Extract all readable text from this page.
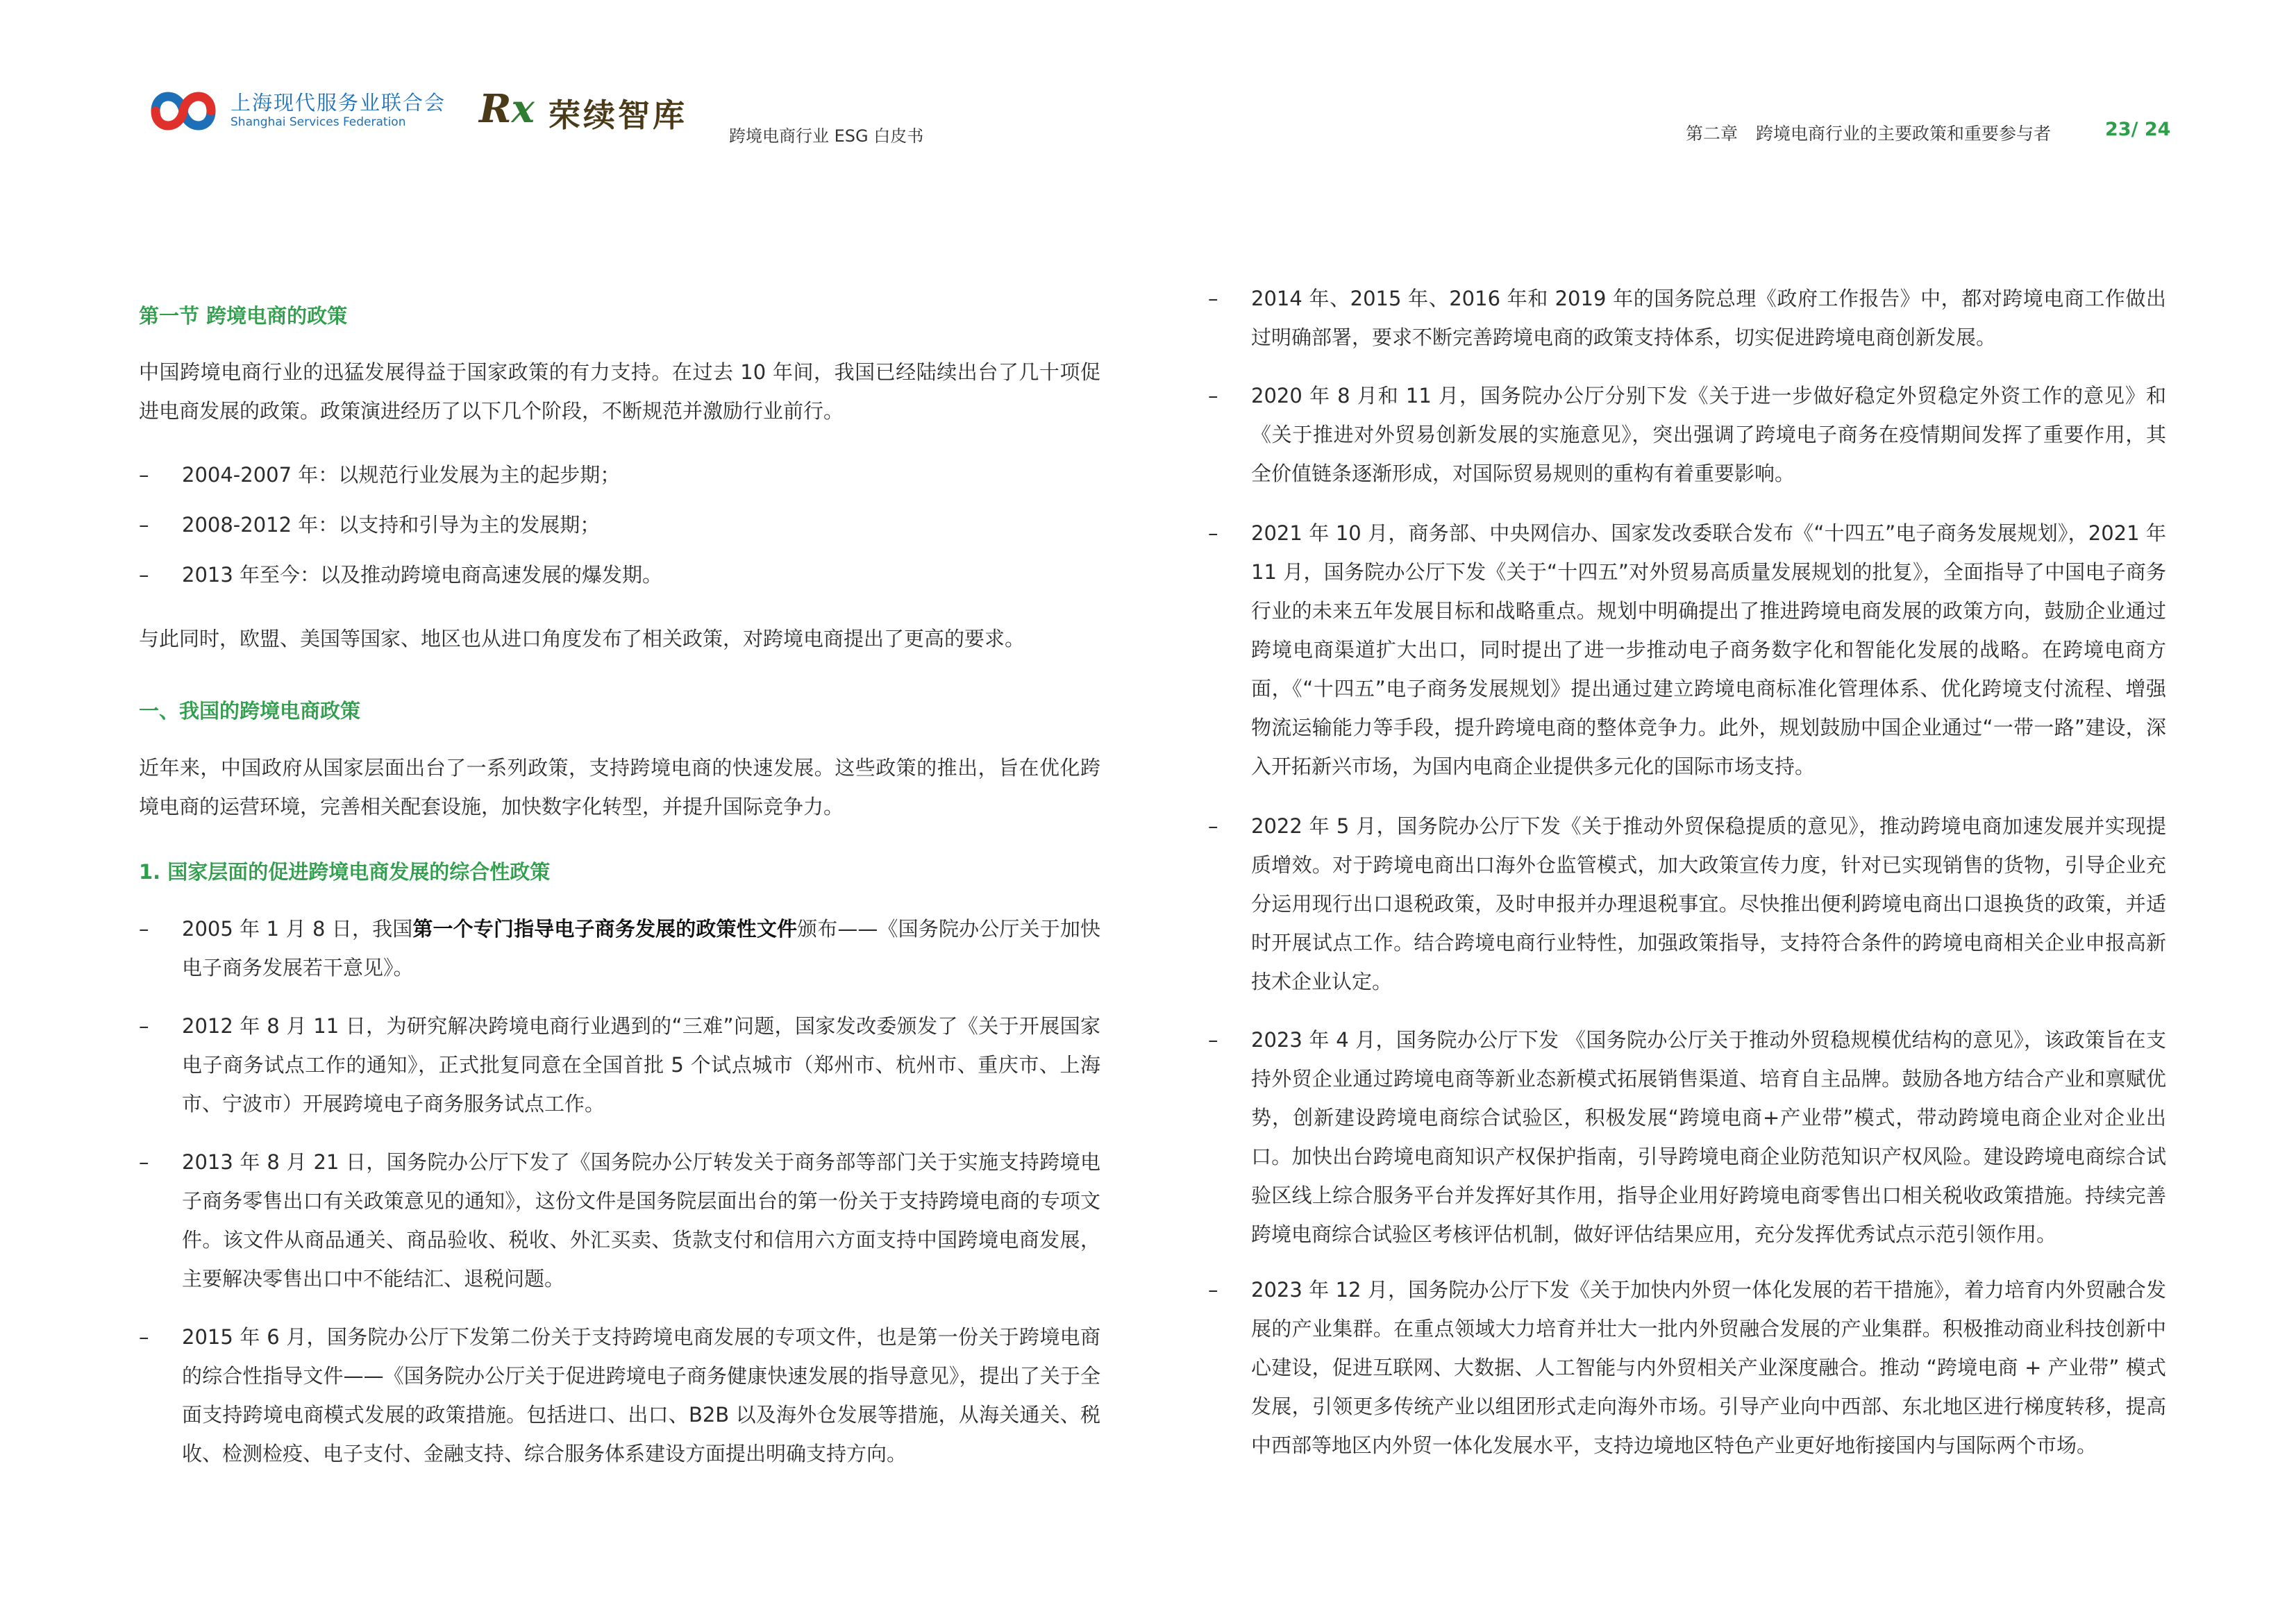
上海现代服务业联合会
Shanghai Services Federation Rx 荣续智库
跨境电商行业 ESG 白皮书	第二章 跨境电商行业的主要政策和重要参与者	23/ 24
第一节 跨境电商的政策
中国跨境电商行业的迅猛发展得益于国家政策的有力支持。在过去 10 年间，我国已经陆续出台了几十项促进电商发展的政策。政策演进经历了以下几个阶段，不断规范并激励行业前行。
– 2004-2007 年：以规范行业发展为主的起步期；
– 2008-2012 年：以支持和引导为主的发展期；
– 2013 年至今：以及推动跨境电商高速发展的爆发期。
与此同时，欧盟、美国等国家、地区也从进口角度发布了相关政策，对跨境电商提出了更高的要求。
一、我国的跨境电商政策
近年来，中国政府从国家层面出台了一系列政策，支持跨境电商的快速发展。这些政策的推出，旨在优化跨境电商的运营环境，完善相关配套设施，加快数字化转型，并提升国际竞争力。
1. 国家层面的促进跨境电商发展的综合性政策
– 2005 年 1 月 8 日，我国第一个专门指导电子商务发展的政策性文件颁布——《国务院办公厅关于加快电子商务发展若干意见》。
– 2012 年 8 月 11 日，为研究解决跨境电商行业遇到的“三难”问题，国家发改委颁发了《关于开展国家电子商务试点工作的通知》，正式批复同意在全国首批 5 个试点城市（郑州市、杭州市、重庆市、上海市、宁波市）开展跨境电子商务服务试点工作。
– 2013 年 8 月 21 日，国务院办公厅下发了《国务院办公厅转发关于商务部等部门关于实施支持跨境电子商务零售出口有关政策意见的通知》，这份文件是国务院层面出台的第一份关于支持跨境电商的专项文件。该文件从商品通关、商品验收、税收、外汇买卖、货款支付和信用六方面支持中国跨境电商发展，主要解决零售出口中不能结汇、退税问题。
– 2015 年 6 月，国务院办公厅下发第二份关于支持跨境电商发展的专项文件，也是第一份关于跨境电商的综合性指导文件——《国务院办公厅关于促进跨境电子商务健康快速发展的指导意见》，提出了关于全面支持跨境电商模式发展的政策措施。包括进口、出口、B2B 以及海外仓发展等措施，从海关通关、税收、检测检疫、电子支付、金融支持、综合服务体系建设方面提出明确支持方向。
– 2014 年、2015 年、2016 年和 2019 年的国务院总理《政府工作报告》中，都对跨境电商工作做出过明确部署，要求不断完善跨境电商的政策支持体系，切实促进跨境电商创新发展。
– 2020 年 8 月和 11 月，国务院办公厅分别下发《关于进一步做好稳定外贸稳定外资工作的意见》和《关于推进对外贸易创新发展的实施意见》，突出强调了跨境电子商务在疫情期间发挥了重要作用，其全价值链条逐渐形成，对国际贸易规则的重构有着重要影响。
– 2021 年 10 月，商务部、中央网信办、国家发改委联合发布《“十四五”电子商务发展规划》，2021 年 11 月，国务院办公厅下发《关于“十四五”对外贸易高质量发展规划的批复》，全面指导了中国电子商务行业的未来五年发展目标和战略重点。规划中明确提出了推进跨境电商发展的政策方向，鼓励企业通过跨境电商渠道扩大出口，同时提出了进一步推动电子商务数字化和智能化发展的战略。在跨境电商方面，《“十四五”电子商务发展规划》提出通过建立跨境电商标准化管理体系、优化跨境支付流程、增强物流运输能力等手段，提升跨境电商的整体竞争力。此外，规划鼓励中国企业通过“一带一路”建设，深入开拓新兴市场，为国内电商企业提供多元化的国际市场支持。
– 2022 年 5 月，国务院办公厅下发《关于推动外贸保稳提质的意见》，推动跨境电商加速发展并实现提质增效。对于跨境电商出口海外仓监管模式，加大政策宣传力度，针对已实现销售的货物，引导企业充分运用现行出口退税政策，及时申报并办理退税事宜。尽快推出便利跨境电商出口退换货的政策，并适时开展试点工作。结合跨境电商行业特性，加强政策指导，支持符合条件的跨境电商相关企业申报高新技术企业认定。
– 2023 年 4 月，国务院办公厅下发 《国务院办公厅关于推动外贸稳规模优结构的意见》，该政策旨在支持外贸企业通过跨境电商等新业态新模式拓展销售渠道、培育自主品牌。鼓励各地方结合产业和禀赋优势，创新建设跨境电商综合试验区，积极发展“跨境电商+产业带”模式，带动跨境电商企业对企业出口。加快出台跨境电商知识产权保护指南，引导跨境电商企业防范知识产权风险。建设跨境电商综合试验区线上综合服务平台并发挥好其作用，指导企业用好跨境电商零售出口相关税收政策措施。持续完善跨境电商综合试验区考核评估机制，做好评估结果应用，充分发挥优秀试点示范引领作用。
– 2023 年 12 月，国务院办公厅下发《关于加快内外贸一体化发展的若干措施》，着力培育内外贸融合发展的产业集群。在重点领域大力培育并壮大一批内外贸融合发展的产业集群。积极推动商业科技创新中心建设，促进互联网、大数据、人工智能与内外贸相关产业深度融合。推动 “跨境电商 + 产业带” 模式发展，引领更多传统产业以组团形式走向海外市场。引导产业向中西部、东北地区进行梯度转移，提高中西部等地区内外贸一体化发展水平，支持边境地区特色产业更好地衔接国内与国际两个市场。
